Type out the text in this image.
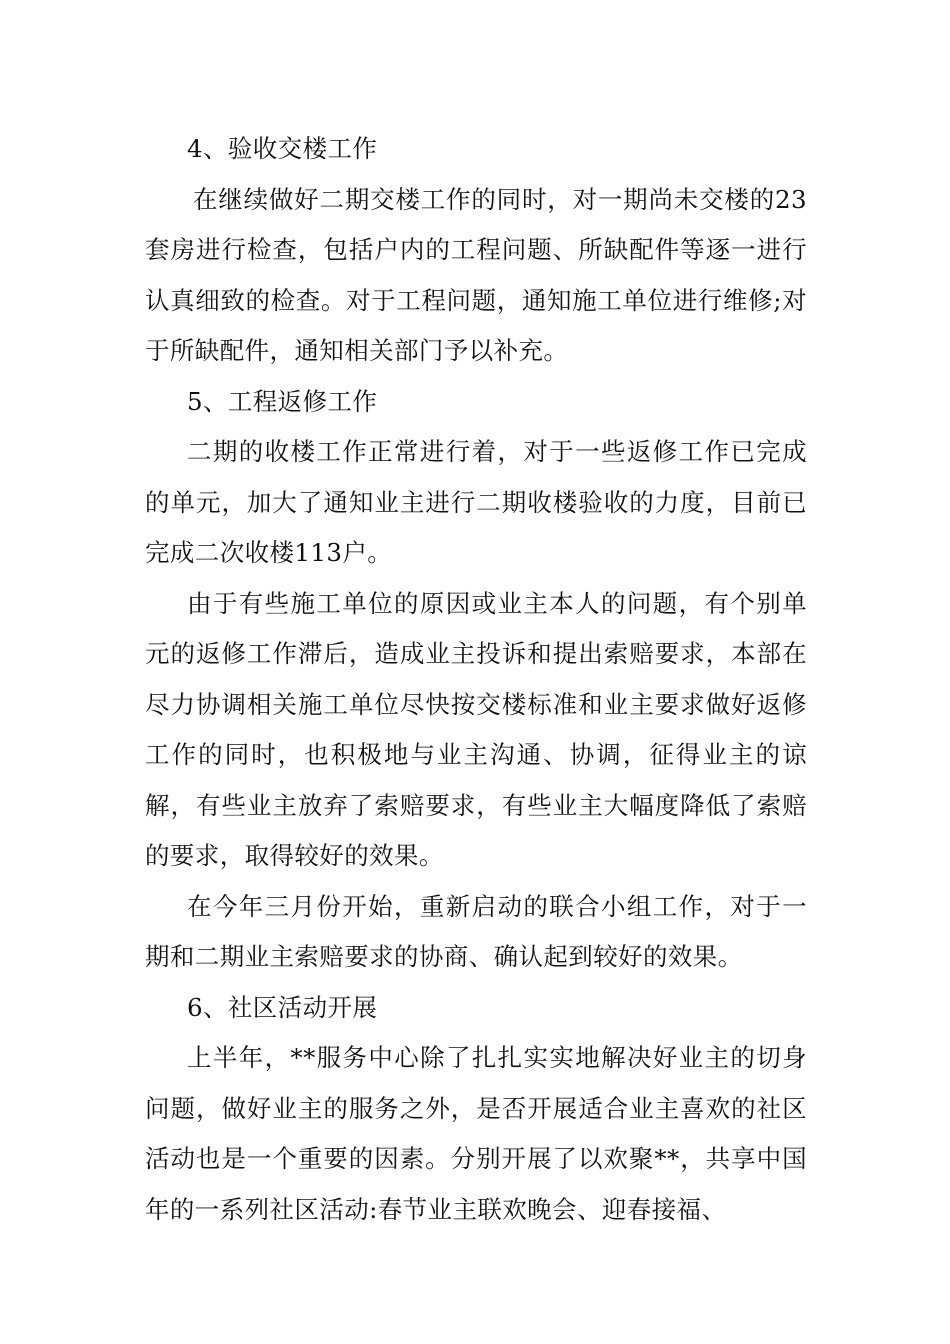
4、验收交楼工作

在继续做好二期交楼工作的同时，对一期尚未交楼的23套房进行检查，包括户内的工程问题、所缺配件等逐一进行认真细致的检查。对于工程问题，通知施工单位进行维修;对于所缺配件，通知相关部门予以补充。

5、工程返修工作

二期的收楼工作正常进行着，对于一些返修工作已完成的单元，加大了通知业主进行二期收楼验收的力度，目前已完成二次收楼113户。

由于有些施工单位的原因或业主本人的问题，有个别单元的返修工作滞后，造成业主投诉和提出索赔要求，本部在尽力协调相关施工单位尽快按交楼标准和业主要求做好返修工作的同时，也积极地与业主沟通、协调，征得业主的谅解，有些业主放弃了索赔要求，有些业主大幅度降低了索赔的要求，取得较好的效果。

在今年三月份开始，重新启动的联合小组工作，对于一期和二期业主索赔要求的协商、确认起到较好的效果。

6、社区活动开展

上半年，**服务中心除了扎扎实实地解决好业主的切身问题，做好业主的服务之外，是否开展适合业主喜欢的社区活动也是一个重要的因素。分别开展了以欢聚**，共享中国年的一系列社区活动:春节业主联欢晚会、迎春接福、
